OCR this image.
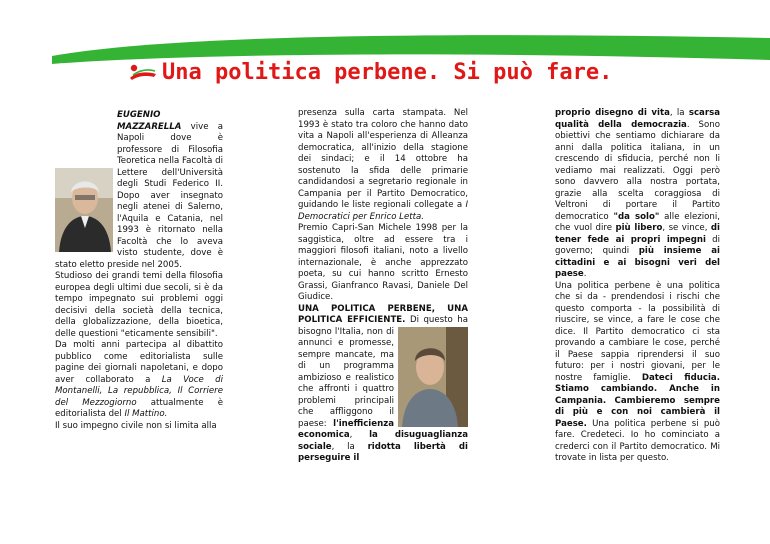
Una politica perbene. Si può fare.

EUGENIO MAZZARELLA vive a Napoli dove è professore di Filosofia Teoretica nella Facoltà di Lettere dell'Università degli Studi Federico II. Dopo aver insegnato negli atenei di Salerno, l'Aquila e Catania, nel 1993 è ritornato nella Facoltà che lo aveva visto studente, dove è stato eletto preside nel 2005.

Studioso dei grandi temi della filosofia europea degli ultimi due secoli, si è da tempo impegnato sui problemi oggi decisivi della società della tecnica, della globalizzazione, della bioetica, delle questioni "eticamente sensibili".

Da molti anni partecipa al dibattito pubblico come editorialista sulle pagine dei giornali napoletani, e dopo aver collaborato a La Voce di Montanelli, La repubblica, Il Corriere del Mezzogiorno attualmente è editorialista del Il Mattino.

Il suo impegno civile non si limita alla

presenza sulla carta stampata. Nel 1993 è stato tra coloro che hanno dato vita a Napoli all'esperienza di Alleanza democratica, all'inizio della stagione dei sindaci; e il 14 ottobre ha sostenuto la sfida delle primarie candidandosi a segretario regionale in Campania per il Partito Democratico, guidando le liste regionali collegate a I Democratici per Enrico Letta.

Premio Capri-San Michele 1998 per la saggistica, oltre ad essere tra i maggiori filosofi italiani, noto a livello internazionale, è anche apprezzato poeta, su cui hanno scritto Ernesto Grassi, Gianfranco Ravasi, Daniele Del Giudice.

UNA POLITICA PERBENE, UNA POLITICA EFFICIENTE.
Di questo ha bisogno l'Italia, non di annunci e promesse, sempre mancate, ma di un programma ambizioso e realistico che affronti i quattro problemi principali che affliggono il paese: l'inefficienza economica, la disuguaglianza sociale, la ridotta libertà di perseguire il

proprio disegno di vita, la scarsa qualità della democrazia. Sono obiettivi che sentiamo dichiarare da anni dalla politica italiana, in un crescendo di sfiducia, perché non li vediamo mai realizzati. Oggi però sono davvero alla nostra portata, grazie alla scelta coraggiosa di Veltroni di portare il Partito democratico "da solo" alle elezioni, che vuol dire più libero, se vince, di tener fede ai propri impegni di governo; quindi più insieme ai cittadini e ai bisogni veri del paese.

Una politica perbene è una politica che si da - prendendosi i rischi che questo comporta - la possibilità di riuscire, se vince, a fare le cose che dice. Il Partito democratico ci sta provando a cambiare le cose, perché il Paese sappia riprendersi il suo futuro: per i nostri giovani, per le nostre famiglie. Dateci fiducia. Stiamo cambiando. Anche in Campania. Cambieremo sempre di più e con noi cambierà il Paese. Una politica perbene si può fare. Credeteci. Io ho cominciato a crederci con il Partito democratico. Mi trovate in lista per questo.
